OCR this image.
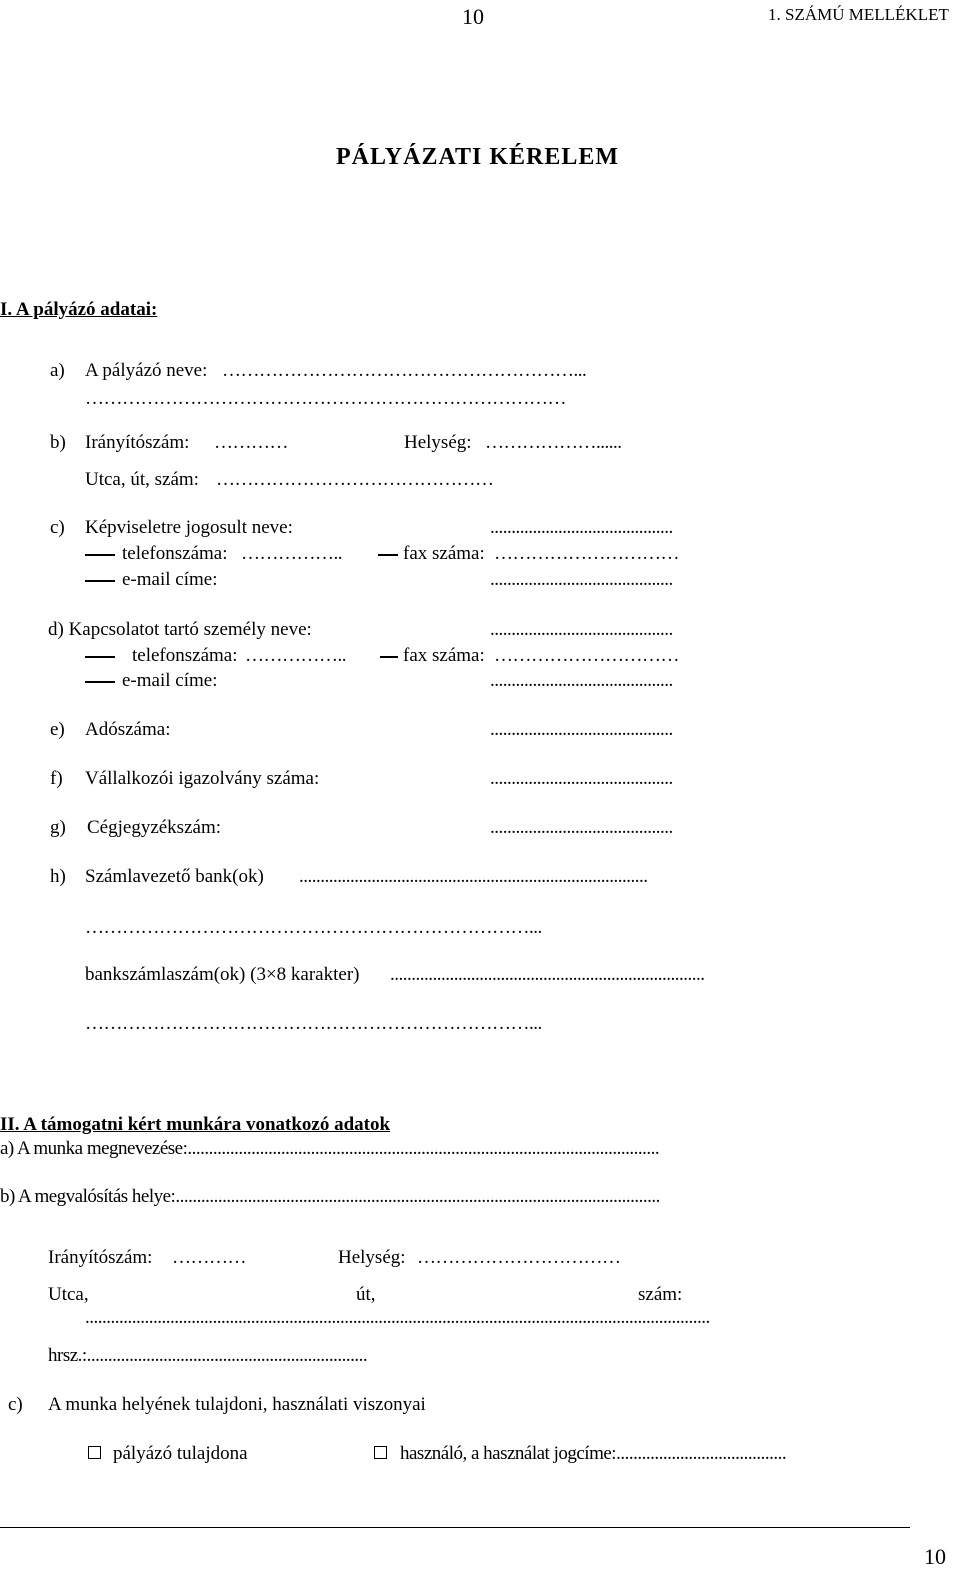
10	1. SZÁMÚ MELLÉKLET
PÁLYÁZATI KÉRELEM
I. A pályázó adatai:
a) A pályázó neve: …………………………………………………...
……………………………………………………………………
b) Irányítószám: …………	Helység: ………………......
Utca, út, szám: ………………………………………
c) Képviseletre jogosult neve:	...........................................
telefonszáma: ……………..	fax száma: …………………………
e-mail címe:	...........................................
d) Kapcsolatot tartó személy neve:	...........................................
telefonszáma: ……………..	fax száma: …………………………
e-mail címe:	...........................................
e) Adószáma:	...........................................
f) Vállalkozói igazolvány száma:	...........................................
g) Cégjegyzékszám:	...........................................
h) Számlavezető bank(ok) ..................................................................................
………………………………………………………………...
bankszámlaszám(ok) (3×8 karakter) ..........................................................................
………………………………………………………………...
II. A támogatni kért munkára vonatkozó adatok
a) A munka megnevezése:...............................................................................................................
b) A megvalósítás helye:..................................................................................................................
Irányítószám: …………	Helység: ……………………………
Utca,	út,	szám:
...................................................................................................................................................
hrsz.:..................................................................
c) A munka helyének tulajdoni, használati viszonyai
pályázó tulajdona	használó, a használat jogcíme:........................................
10
